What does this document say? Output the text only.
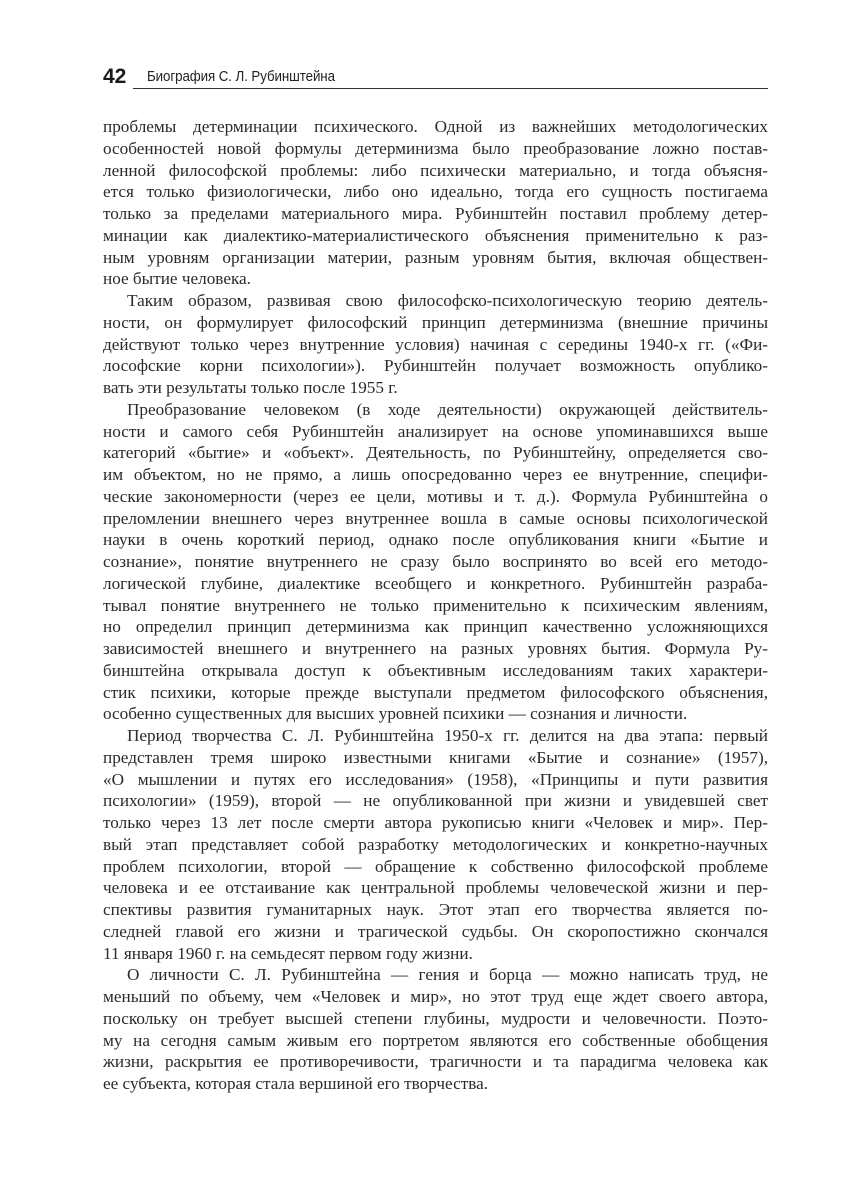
42 Биография С. Л. Рубинштейна
проблемы детерминации психического. Одной из важнейших методологических
особенностей новой формулы детерминизма было преобразование ложно постав-
ленной философской проблемы: либо психически материально, и тогда объясня-
ется только физиологически, либо оно идеально, тогда его сущность постигаема
только за пределами материального мира. Рубинштейн поставил проблему детер-
минации как диалектико-материалистического объяснения применительно к раз-
ным уровням организации материи, разным уровням бытия, включая обществен-
ное бытие человека.
Таким образом, развивая свою философско-психологическую теорию деятель-
ности, он формулирует философский принцип детерминизма (внешние причины
действуют только через внутренние условия) начиная с середины 1940-х гг. («Фи-
лософские корни психологии»). Рубинштейн получает возможность опублико-
вать эти результаты только после 1955 г.
Преобразование человеком (в ходе деятельности) окружающей действитель-
ности и самого себя Рубинштейн анализирует на основе упоминавшихся выше
категорий «бытие» и «объект». Деятельность, по Рубинштейну, определяется сво-
им объектом, но не прямо, а лишь опосредованно через ее внутренние, специфи-
ческие закономерности (через ее цели, мотивы и т. д.). Формула Рубинштейна о
преломлении внешнего через внутреннее вошла в самые основы психологической
науки в очень короткий период, однако после опубликования книги «Бытие и
сознание», понятие внутреннего не сразу было воспринято во всей его методо-
логической глубине, диалектике всеобщего и конкретного. Рубинштейн разраба-
тывал понятие внутреннего не только применительно к психическим явлениям,
но определил принцип детерминизма как принцип качественно усложняющихся
зависимостей внешнего и внутреннего на разных уровнях бытия. Формула Ру-
бинштейна открывала доступ к объективным исследованиям таких характери-
стик психики, которые прежде выступали предметом философского объяснения,
особенно существенных для высших уровней психики — сознания и личности.
Период творчества С. Л. Рубинштейна 1950-х гг. делится на два этапа: первый
представлен тремя широко известными книгами «Бытие и сознание» (1957),
«О мышлении и путях его исследования» (1958), «Принципы и пути развития
психологии» (1959), второй — не опубликованной при жизни и увидевшей свет
только через 13 лет после смерти автора рукописью книги «Человек и мир». Пер-
вый этап представляет собой разработку методологических и конкретно-научных
проблем психологии, второй — обращение к собственно философской проблеме
человека и ее отстаивание как центральной проблемы человеческой жизни и пер-
спективы развития гуманитарных наук. Этот этап его творчества является по-
следней главой его жизни и трагической судьбы. Он скоропостижно скончался
11 января 1960 г. на семьдесят первом году жизни.
О личности С. Л. Рубинштейна — гения и борца — можно написать труд, не
меньший по объему, чем «Человек и мир», но этот труд еще ждет своего автора,
поскольку он требует высшей степени глубины, мудрости и человечности. Поэто-
му на сегодня самым живым его портретом являются его собственные обобщения
жизни, раскрытия ее противоречивости, трагичности и та парадигма человека как
ее субъекта, которая стала вершиной его творчества.
